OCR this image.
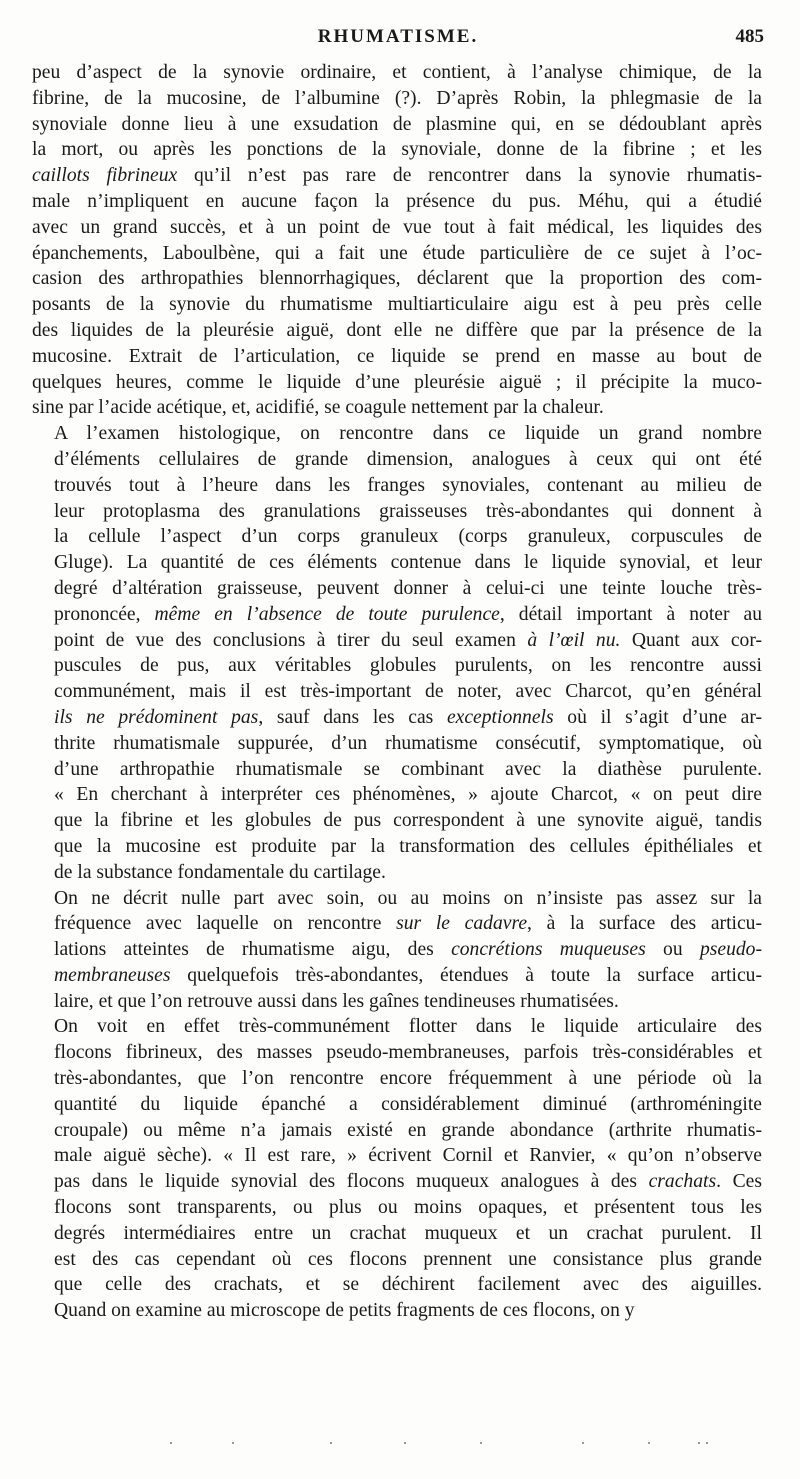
RHUMATISME.	485
peu d’aspect de la synovie ordinaire, et contient, à l’analyse chimique, de la
fibrine, de la mucosine, de l’albumine (?). D’après Robin, la phlegmasie de la
synoviale donne lieu à une exsudation de plasmine qui, en se dédoublant après
la mort, ou après les ponctions de la synoviale, donne de la fibrine ; et les
caillots fibrineux qu’il n’est pas rare de rencontrer dans la synovie rhumatis-
male n’impliquent en aucune façon la présence du pus. Méhu, qui a étudié
avec un grand succès, et à un point de vue tout à fait médical, les liquides des
épanchements, Laboulbène, qui a fait une étude particulière de ce sujet à l’oc-
casion des arthropathies blennorrhagiques, déclarent que la proportion des com-
posants de la synovie du rhumatisme multiarticulaire aigu est à peu près celle
des liquides de la pleurésie aiguë, dont elle ne diffère que par la présence de la
mucosine. Extrait de l’articulation, ce liquide se prend en masse au bout de
quelques heures, comme le liquide d’une pleurésie aiguë ; il précipite la muco-
sine par l’acide acétique, et, acidifié, se coagule nettement par la chaleur.
A l’examen histologique, on rencontre dans ce liquide un grand nombre
d’éléments cellulaires de grande dimension, analogues à ceux qui ont été
trouvés tout à l’heure dans les franges synoviales, contenant au milieu de
leur protoplasma des granulations graisseuses très-abondantes qui donnent à
la cellule l’aspect d’un corps granuleux (corps granuleux, corpuscules de
Gluge). La quantité de ces éléments contenue dans le liquide synovial, et leur
degré d’altération graisseuse, peuvent donner à celui-ci une teinte louche très-
prononcée, même en l’absence de toute purulence, détail important à noter au
point de vue des conclusions à tirer du seul examen à l’œil nu. Quant aux cor-
puscules de pus, aux véritables globules purulents, on les rencontre aussi
communément, mais il est très-important de noter, avec Charcot, qu’en général
ils ne prédominent pas, sauf dans les cas exceptionnels où il s’agit d’une ar-
thrite rhumatismale suppurée, d’un rhumatisme consécutif, symptomatique, où
d’une arthropathie rhumatismale se combinant avec la diathèse purulente.
« En cherchant à interpréter ces phénomènes, » ajoute Charcot, « on peut dire
que la fibrine et les globules de pus correspondent à une synovite aiguë, tandis
que la mucosine est produite par la transformation des cellules épithéliales et
de la substance fondamentale du cartilage.
On ne décrit nulle part avec soin, ou au moins on n’insiste pas assez sur la
fréquence avec laquelle on rencontre sur le cadavre, à la surface des articu-
lations atteintes de rhumatisme aigu, des concrétions muqueuses ou pseudo-
membraneuses quelquefois très-abondantes, étendues à toute la surface articu-
laire, et que l’on retrouve aussi dans les gaînes tendineuses rhumatisées.
On voit en effet très-communément flotter dans le liquide articulaire des
flocons fibrineux, des masses pseudo-membraneuses, parfois très-considérables et
très-abondantes, que l’on rencontre encore fréquemment à une période où la
quantité du liquide épanché a considérablement diminué (arthroméningite
croupale) ou même n’a jamais existé en grande abondance (arthrite rhumatis-
male aiguë sèche). « Il est rare, » écrivent Cornil et Ranvier, « qu’on n’observe
pas dans le liquide synovial des flocons muqueux analogues à des crachats. Ces
flocons sont transparents, ou plus ou moins opaques, et présentent tous les
degrés intermédiaires entre un crachat muqueux et un crachat purulent. Il
est des cas cependant où ces flocons prennent une consistance plus grande
que celle des crachats, et se déchirent facilement avec des aiguilles.
Quand on examine au microscope de petits fragments de ces flocons, on y
